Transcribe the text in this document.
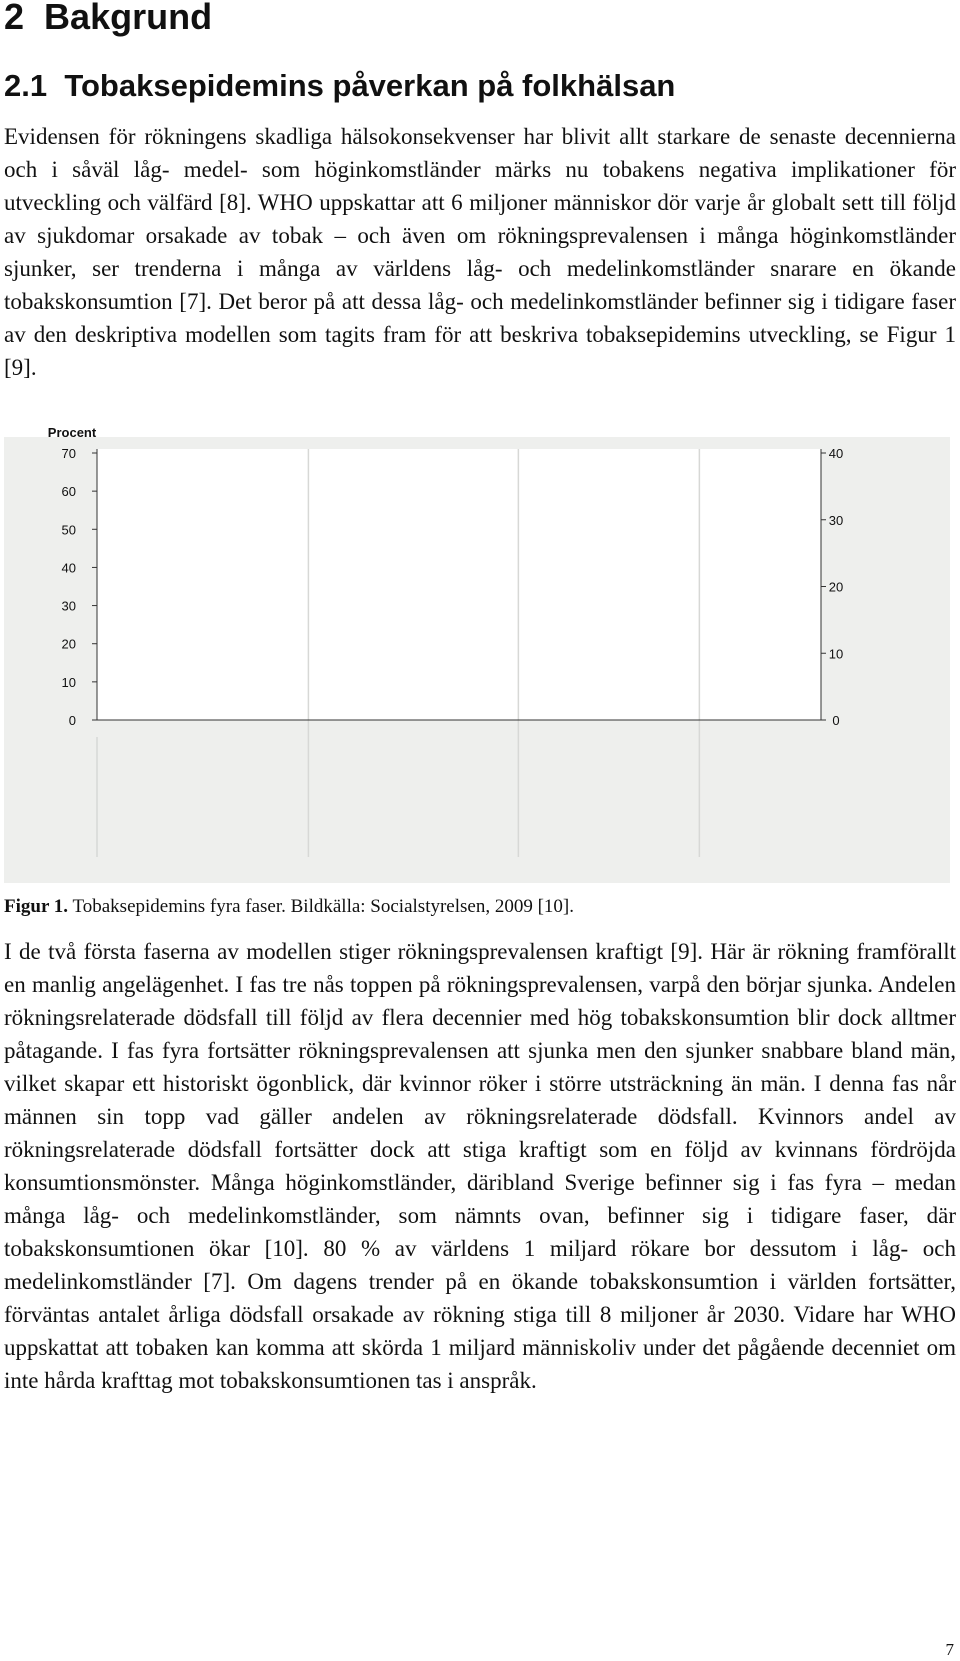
2 Bakgrund
2.1 Tobaksepidemins påverkan på folkhälsan

Evidensen för rökningens skadliga hälsokonsekvenser har blivit allt starkare de senaste decennierna och i såväl låg- medel- som höginkomstländer märks nu tobakens negativa implikationer för utveckling och välfärd [8]. WHO uppskattar att 6 miljoner människor dör varje år globalt sett till följd av sjukdomar orsakade av tobak – och även om rökningsprevalensen i många höginkomstländer sjunker, ser trenderna i många av världens låg- och medelinkomstländer snarare en ökande tobakskonsumtion [7]. Det beror på att dessa låg- och medelinkomstländer befinner sig i tidigare faser av den deskriptiva modellen som tagits fram för att beskriva tobaksepidemins utveckling, se Figur 1 [9].

0
10
20
30
40
50
60
70
0
10
20
30
40
Procent
Figur 1. Tobaksepidemins fyra faser. Bildkälla: Socialstyrelsen, 2009 [10].

I de två första faserna av modellen stiger rökningsprevalensen kraftigt [9]. Här är rökning framförallt en manlig angelägenhet. I fas tre nås toppen på rökningsprevalensen, varpå den börjar sjunka. Andelen rökningsrelaterade dödsfall till följd av flera decennier med hög tobakskonsumtion blir dock alltmer påtagande. I fas fyra fortsätter rökningsprevalensen att sjunka men den sjunker snabbare bland män, vilket skapar ett historiskt ögonblick, där kvinnor röker i större utsträckning än män. I denna fas når männen sin topp vad gäller andelen av rökningsrelaterade dödsfall. Kvinnors andel av rökningsrelaterade dödsfall fortsätter dock att stiga kraftigt som en följd av kvinnans fördröjda konsumtionsmönster. Många höginkomstländer, däribland Sverige befinner sig i fas fyra – medan många låg- och medelinkomstländer, som nämnts ovan, befinner sig i tidigare faser, där tobakskonsumtionen ökar [10]. 80 % av världens 1 miljard rökare bor dessutom i låg- och medelinkomstländer [7]. Om dagens trender på en ökande tobakskonsumtion i världen fortsätter, förväntas antalet årliga dödsfall orsakade av rökning stiga till 8 miljoner år 2030. Vidare har WHO uppskattat att tobaken kan komma att skörda 1 miljard människoliv under det pågående decenniet om inte hårda krafttag mot tobakskonsumtionen tas i anspråk.

7
